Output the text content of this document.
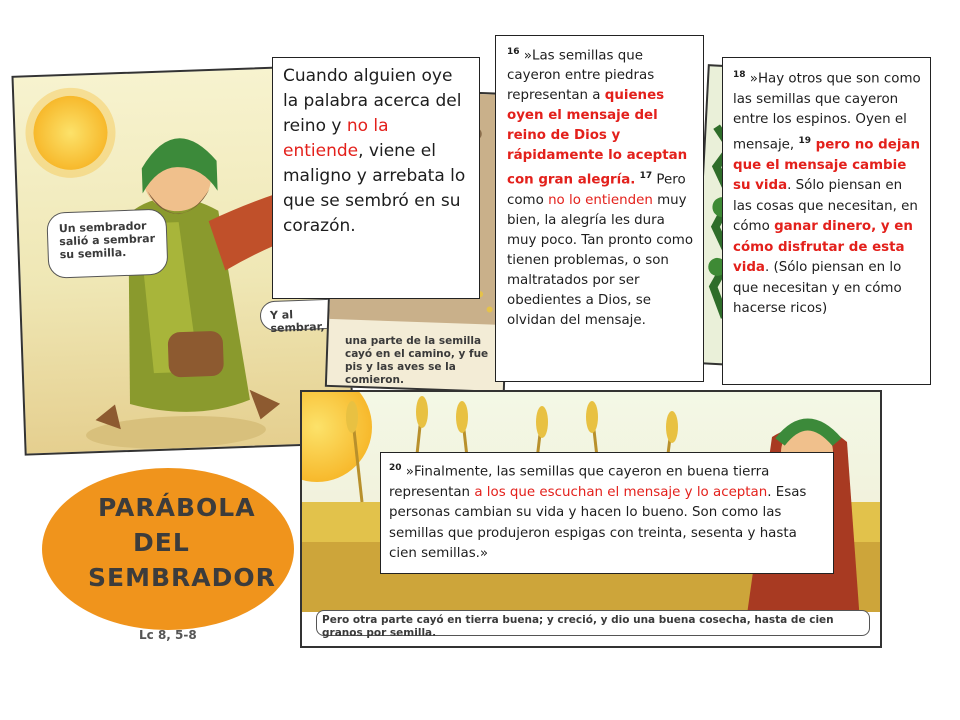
Un sembrador salió a sembrar su semilla.
Y al sembrar,
una parte de la semilla cayó en el camino, y fue pis y las aves se la comieron.
Pero otra parte cayó en tierra buena; y creció, y dio una buena cosecha, hasta de cien granos por semilla.
PARÁBOLA
DEL
SEMBRADOR
Lc 8, 5-8
Cuando alguien oye la palabra acerca del reino y no la entiende, viene el maligno y arrebata lo que se sembró en su corazón.
$^{16}$ »Las semillas que cayeron entre piedras representan a quienes oyen el mensaje del reino de Dios y rápidamente lo aceptan con gran alegría. $^{17}$ Pero como no lo entienden muy bien, la alegría les dura muy poco. Tan pronto como tienen problemas, o son maltratados por ser obedientes a Dios, se olvidan del mensaje.
$^{18}$ »Hay otros que son como las semillas que cayeron entre los espinos. Oyen el mensaje, $^{19}$ pero no dejan que el mensaje cambie su vida. Sólo piensan en las cosas que necesitan, en cómo ganar dinero, y en cómo disfrutar de esta vida. (Sólo piensan en lo que necesitan y en cómo hacerse ricos)
$^{20}$ »Finalmente, las semillas que cayeron en buena tierra representan a los que escuchan el mensaje y lo aceptan. Esas personas cambian su vida y hacen lo bueno. Son como las semillas que produjeron espigas con treinta, sesenta y hasta cien semillas.»
